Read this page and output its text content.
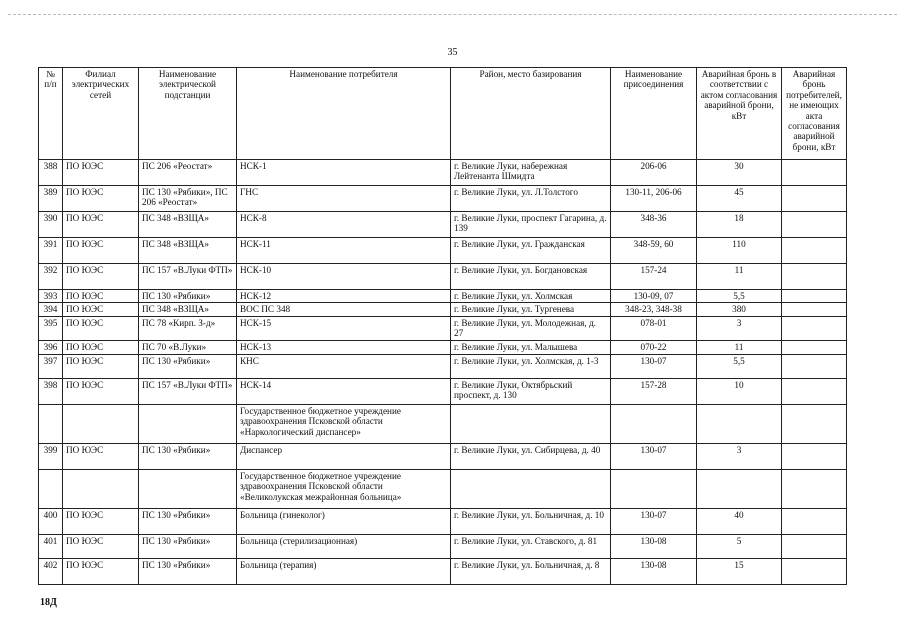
35
№ п/п	Филиал электрических сетей	Наименование электрической подстанции	Наименование потребителя	Район, место базирования	Наименование присоединения	Аварийная бронь в соответствии с актом согласования аварийной брони, кВт	Аварийная бронь потребителей, не имеющих акта согласования аварийной брони, кВт
388	ПО ЮЭС	ПС 206 «Реостат»	НСК-1	г. Великие Луки, набережная Лейтенанта Шмидта	206-06	30	
389	ПО ЮЭС	ПС 130 «Рябики», ПС 206 «Реостат»	ГНС	г. Великие Луки, ул. Л.Толстого	130-11, 206-06	45	
390	ПО ЮЭС	ПС 348 «ВЗЩА»	НСК-8	г. Великие Луки, проспект Гагарина, д. 139	348-36	18	
391	ПО ЮЭС	ПС 348 «ВЗЩА»	НСК-11	г. Великие Луки, ул. Гражданская	348-59, 60	110	
392	ПО ЮЭС	ПС 157 «В.Луки ФТП»	НСК-10	г. Великие Луки, ул. Богдановская	157-24	11	
393	ПО ЮЭС	ПС 130 «Рябики»	НСК-12	г. Великие Луки, ул. Холмская	130-09, 07	5,5	
394	ПО ЮЭС	ПС 348 «ВЗЩА»	ВОС ПС 348	г. Великие Луки, ул. Тургенева	348-23, 348-38	380	
395	ПО ЮЭС	ПС 78 «Кирп. З-д»	НСК-15	г. Великие Луки, ул. Молодежная, д. 27	078-01	3	
396	ПО ЮЭС	ПС 70 «В.Луки»	НСК-13	г. Великие Луки, ул. Малышева	070-22	11	
397	ПО ЮЭС	ПС 130 «Рябики»	КНС	г. Великие Луки, ул. Холмская, д. 1-3	130-07	5,5	
398	ПО ЮЭС	ПС 157 «В.Луки ФТП»	НСК-14	г. Великие Луки, Октябрьский проспект, д. 130	157-28	10	
			Государственное бюджетное учреждение здравоохранения Псковской области «Наркологический диспансер»				
399	ПО ЮЭС	ПС 130 «Рябики»	Диспансер	г. Великие Луки, ул. Сибирцева, д. 40	130-07	3	
			Государственное бюджетное учреждение здравоохранения Псковской области «Великолукская межрайонная больница»				
400	ПО ЮЭС	ПС 130 «Рябики»	Больница (гинеколог)	г. Великие Луки, ул. Больничная, д. 10	130-07	40	
401	ПО ЮЭС	ПС 130 «Рябики»	Больница (стерилизационная)	г. Великие Луки, ул. Ставского, д. 81	130-08	5	
402	ПО ЮЭС	ПС 130 «Рябики»	Больница (терапия)	г. Великие Луки, ул. Больничная, д. 8	130-08	15	
18Д
